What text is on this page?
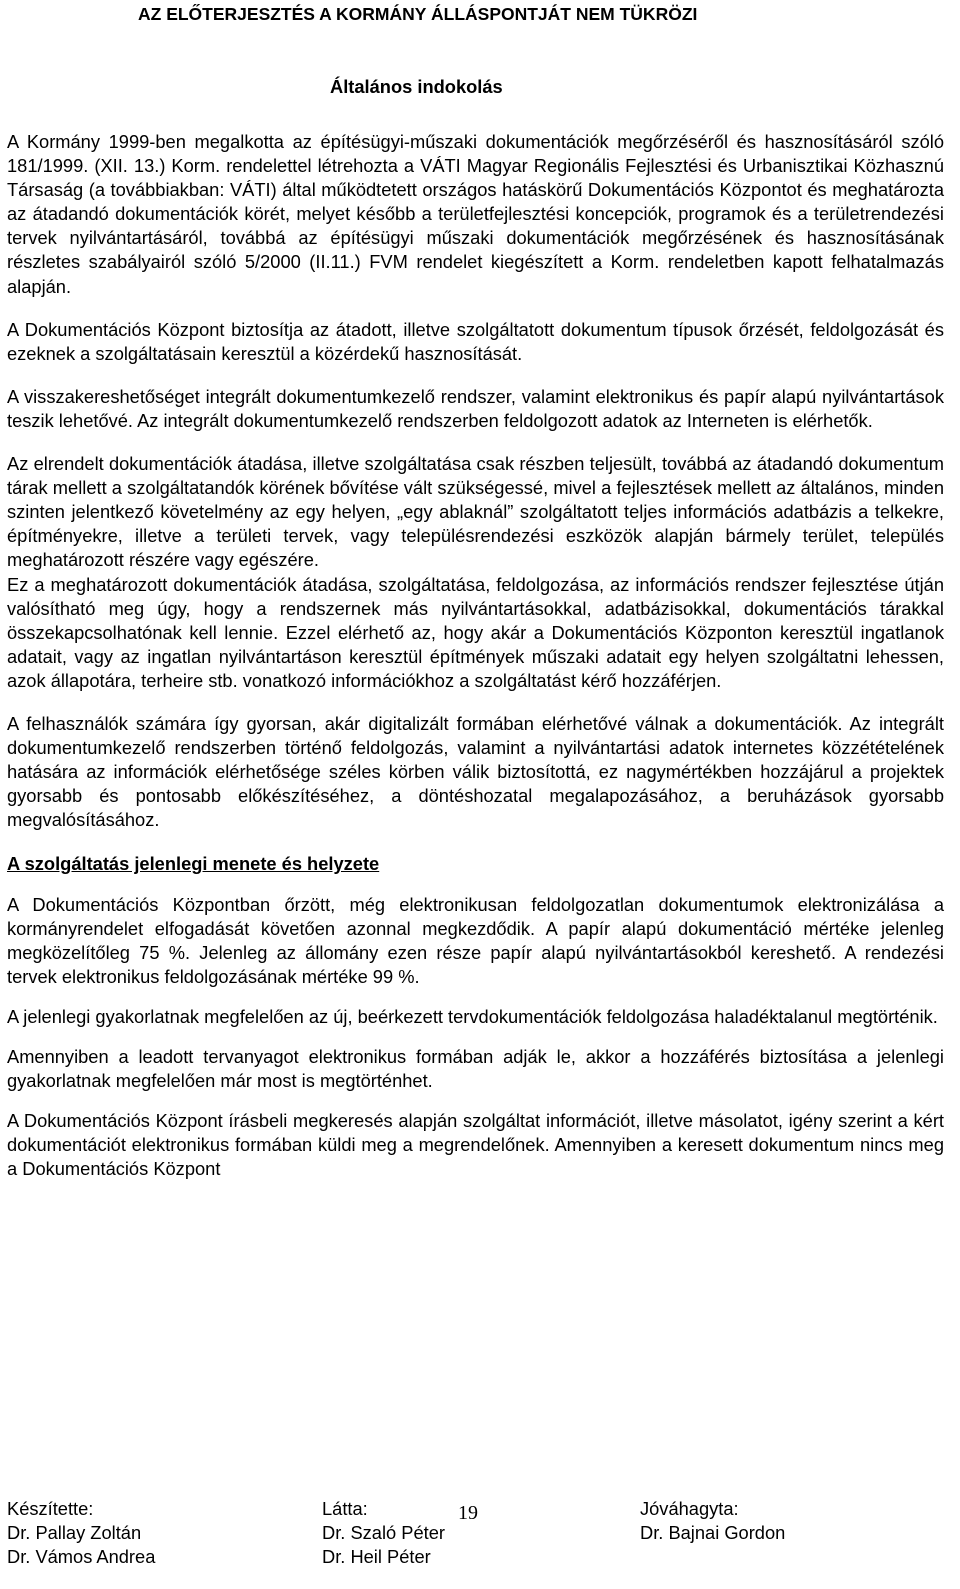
AZ ELŐTERJESZTÉS A KORMÁNY ÁLLÁSPONTJÁT NEM TÜKRÖZI
Általános indokolás

A Kormány 1999-ben megalkotta az építésügyi-műszaki dokumentációk megőrzéséről és hasznosításáról szóló 181/1999. (XII. 13.) Korm. rendelettel létrehozta a VÁTI Magyar Regionális Fejlesztési és Urbanisztikai Közhasznú Társaság (a továbbiakban: VÁTI) által működtetett országos hatáskörű Dokumentációs Központot és meghatározta az átadandó dokumentációk körét, melyet később a területfejlesztési koncepciók, programok és a területrendezési tervek nyilvántartásáról, továbbá az építésügyi műszaki dokumentációk megőrzésének és hasznosításának részletes szabályairól szóló 5/2000 (II.11.) FVM rendelet kiegészített a Korm. rendeletben kapott felhatalmazás alapján.

A Dokumentációs Központ biztosítja az átadott, illetve szolgáltatott dokumentum típusok őrzését, feldolgozását és ezeknek a szolgáltatásain keresztül a közérdekű hasznosítását.

A visszakereshetőséget integrált dokumentumkezelő rendszer, valamint elektronikus és papír alapú nyilvántartások teszik lehetővé. Az integrált dokumentumkezelő rendszerben feldolgozott adatok az Interneten is elérhetők.

Az elrendelt dokumentációk átadása, illetve szolgáltatása csak részben teljesült, továbbá az átadandó dokumentum tárak mellett a szolgáltatandók körének bővítése vált szükségessé, mivel a fejlesztések mellett az általános, minden szinten jelentkező követelmény az egy helyen, „egy ablaknál” szolgáltatott teljes információs adatbázis a telkekre, építményekre, illetve a területi tervek, vagy településrendezési eszközök alapján bármely terület, település meghatározott részére vagy egészére.

Ez a meghatározott dokumentációk átadása, szolgáltatása, feldolgozása, az információs rendszer fejlesztése útján valósítható meg úgy, hogy a rendszernek más nyilvántartásokkal, adatbázisokkal, dokumentációs tárakkal összekapcsolhatónak kell lennie. Ezzel elérhető az, hogy akár a Dokumentációs Központon keresztül ingatlanok adatait, vagy az ingatlan nyilvántartáson keresztül építmények műszaki adatait egy helyen szolgáltatni lehessen, azok állapotára, terheire stb. vonatkozó információkhoz a szolgáltatást kérő hozzáférjen.

A felhasználók számára így gyorsan, akár digitalizált formában elérhetővé válnak a dokumentációk. Az integrált dokumentumkezelő rendszerben történő feldolgozás, valamint a nyilvántartási adatok internetes közzétételének hatására az információk elérhetősége széles körben válik biztosítottá, ez nagymértékben hozzájárul a projektek gyorsabb és pontosabb előkészítéséhez, a döntéshozatal megalapozásához, a beruházások gyorsabb megvalósításához.

A szolgáltatás jelenlegi menete és helyzete

A Dokumentációs Központban őrzött, még elektronikusan feldolgozatlan dokumentumok elektronizálása a kormányrendelet elfogadását követően azonnal megkezdődik. A papír alapú dokumentáció mértéke jelenleg megközelítőleg 75 %. Jelenleg az állomány ezen része papír alapú nyilvántartásokból kereshető. A rendezési tervek elektronikus feldolgozásának mértéke 99 %.

A jelenlegi gyakorlatnak megfelelően az új, beérkezett tervdokumentációk feldolgozása haladéktalanul megtörténik.

Amennyiben a leadott tervanyagot elektronikus formában adják le, akkor a hozzáférés biztosítása a jelenlegi gyakorlatnak megfelelően már most is megtörténhet.

A Dokumentációs Központ írásbeli megkeresés alapján szolgáltat információt, illetve másolatot, igény szerint a kért dokumentációt elektronikus formában küldi meg a megrendelőnek. Amennyiben a keresett dokumentum nincs meg a Dokumentációs Központ

19
Készítette:
Dr. Pallay Zoltán
Dr. Vámos Andrea
Látta:
Dr. Szaló Péter
Dr. Heil Péter
Jóváhagyta:
Dr. Bajnai Gordon
